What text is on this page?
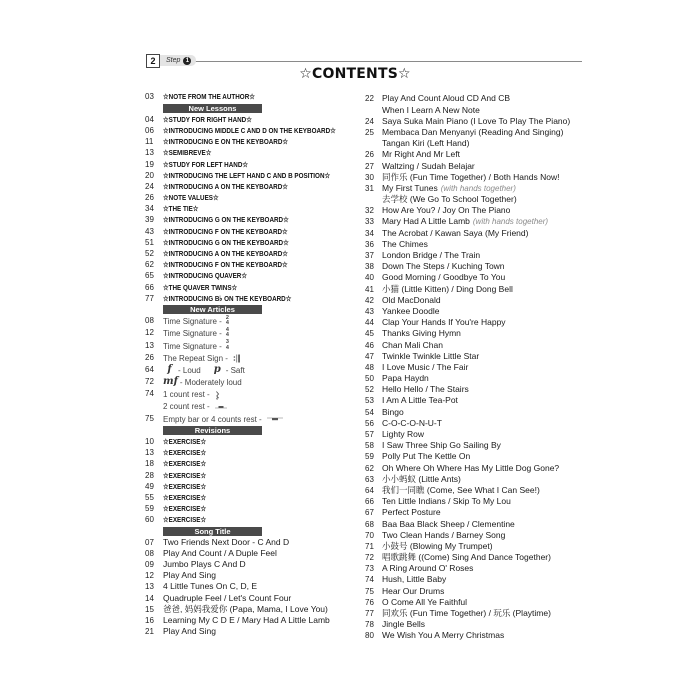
2	Step 1
☆CONTENTS☆
03 ☆NOTE FROM THE AUTHOR☆
New Lessons
04 ☆STUDY FOR RIGHT HAND☆
06 ☆INTRODUCING MIDDLE C AND D ON THE KEYBOARD☆
11 ☆INTRODUCING E ON THE KEYBOARD☆
13 ☆SEMIBREVE☆
19 ☆STUDY FOR LEFT HAND☆
20 ☆INTRODUCING THE LEFT HAND C AND B POSITION☆
24 ☆INTRODUCING A ON THE KEYBOARD☆
26 ☆NOTE VALUES☆
34 ☆THE TIE☆
39 ☆INTRODUCING G ON THE KEYBOARD☆
43 ☆INTRODUCING F ON THE KEYBOARD☆
51 ☆INTRODUCING G ON THE KEYBOARD☆
52 ☆INTRODUCING A ON THE KEYBOARD☆
62 ☆INTRODUCING F ON THE KEYBOARD☆
65 ☆INTRODUCING QUAVER☆
66 ☆THE QUAVER TWINS☆
77 ☆INTRODUCING B♭ ON THE KEYBOARD☆
New Articles
08 Time Signature - 2
4
12 Time Signature - 4
4
13 Time Signature - 3
4
26 The Repeat Sign -
64 f - Loud p - Saft
72 mf - Moderately loud
74 1 count rest -
2 count rest -
75 Empty bar or 4 counts rest -
Revisions
10 ☆EXERCISE☆
13 ☆EXERCISE☆
18 ☆EXERCISE☆
28 ☆EXERCISE☆
49 ☆EXERCISE☆
55 ☆EXERCISE☆
59 ☆EXERCISE☆
60 ☆EXERCISE☆
Song Title
07 Two Friends Next Door - C And D
08 Play And Count / A Duple Feel
09 Jumbo Plays C And D
12 Play And Sing
13 4 Little Tunes On C, D, E
14 Quadruple Feel / Let's Count Four
15 爸爸, 妈妈我爱你 (Papa, Mama, I Love You)
16 Learning My C D E / Mary Had A Little Lamb
21 Play And Sing
22 Play And Count Aloud CD And CB
When I Learn A New Note
24 Saya Suka Main Piano (I Love To Play The Piano)
25 Membaca Dan Menyanyi (Reading And Singing)
Tangan Kiri (Left Hand)
26 Mr Right And Mr Left
27 Waltzing / Sudah Belajar
30 同作乐 (Fun Time Together) / Both Hands Now!
31 My First Tunes (with hands together)
去学校 (We Go To School Together)
32 How Are You? / Joy On The Piano
33 Mary Had A Little Lamb (with hands together)
34 The Acrobat / Kawan Saya (My Friend)
36 The Chimes
37 London Bridge / The Train
38 Down The Steps / Kuching Town
40 Good Morning / Goodbye To You
41 小猫 (Little Kitten) / Ding Dong Bell
42 Old MacDonald
43 Yankee Doodle
44 Clap Your Hands If You're Happy
45 Thanks Giving Hymn
46 Chan Mali Chan
47 Twinkle Twinkle Little Star
48 I Love Music / The Fair
50 Papa Haydn
52 Hello Hello / The Stairs
53 I Am A Little Tea-Pot
54 Bingo
56 C-O-C-O-N-U-T
57 Lighty Row
58 I Saw Three Ship Go Sailing By
59 Polly Put The Kettle On
62 Oh Where Oh Where Has My Little Dog Gone?
63 小小蚂蚁 (Little Ants)
64 我们一同瞧 (Come, See What I Can See!)
66 Ten Little Indians / Skip To My Lou
67 Perfect Posture
68 Baa Baa Black Sheep / Clementine
70 Two Clean Hands / Barney Song
71 小鼓号 (Blowing My Trumpet)
72 唱歌跳舞 ((Come) Sing And Dance Together)
73 A Ring Around O' Roses
74 Hush, Little Baby
75 Hear Our Drums
76 O Come All Ye Faithful
77 同欢乐 (Fun Time Together) / 玩乐 (Playtime)
78 Jingle Bells
80 We Wish You A Merry Christmas
